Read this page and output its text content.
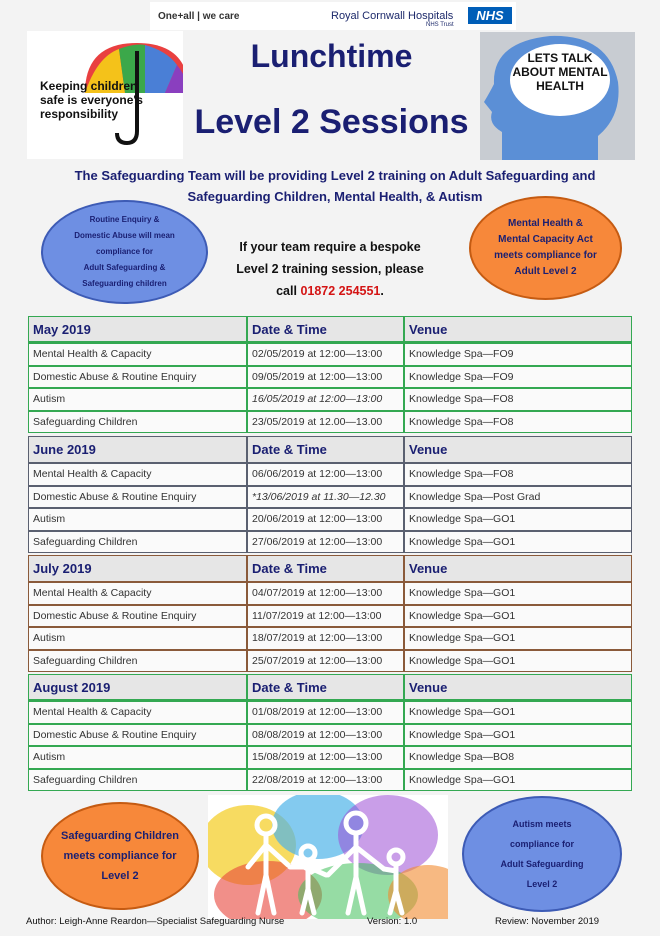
One+all | we care	Royal Cornwall Hospitals
NHS Trust
NHS
Keeping children safe is everyone's responsibility
LETS TALK ABOUT MENTAL HEALTH
Lunchtime
Level 2 Sessions
The Safeguarding Team will be providing Level 2 training on Adult Safeguarding and Safeguarding Children, Mental Health, & Autism
Routine Enquiry &
Domestic Abuse will mean
compliance for
Adult Safeguarding &
Safeguarding children
Mental Health &
Mental Capacity Act
meets compliance for
Adult Level 2
If your team require a bespoke
Level 2 training session, please
call 01872 254551.
May 2019	Date & Time	Venue
Mental Health & Capacity	02/05/2019 at 12:00—13:00	Knowledge Spa—FO9
Domestic Abuse & Routine Enquiry	09/05/2019 at 12:00—13:00	Knowledge Spa—FO9
Autism	16/05/2019 at 12:00—13:00	Knowledge Spa—FO8
Safeguarding Children	23/05/2019 at 12.00—13.00	Knowledge Spa—FO8
June 2019	Date & Time	Venue
Mental Health & Capacity	06/06/2019 at 12:00—13:00	Knowledge Spa—FO8
Domestic Abuse & Routine Enquiry	*13/06/2019 at 11.30—12.30	Knowledge Spa—Post Grad
Autism	20/06/2019 at 12:00—13:00	Knowledge Spa—GO1
Safeguarding Children	27/06/2019 at 12:00—13:00	Knowledge Spa—GO1
July 2019	Date & Time	Venue
Mental Health & Capacity	04/07/2019 at 12:00—13:00	Knowledge Spa—GO1
Domestic Abuse & Routine Enquiry	11/07/2019 at 12:00—13:00	Knowledge Spa—GO1
Autism	18/07/2019 at 12:00—13:00	Knowledge Spa—GO1
Safeguarding Children	25/07/2019 at 12:00—13:00	Knowledge Spa—GO1
August 2019	Date & Time	Venue
Mental Health & Capacity	01/08/2019 at 12:00—13:00	Knowledge Spa—GO1
Domestic Abuse & Routine Enquiry	08/08/2019 at 12:00—13:00	Knowledge Spa—GO1
Autism	15/08/2019 at 12:00—13:00	Knowledge Spa—BO8
Safeguarding Children	22/08/2019 at 12:00—13:00	Knowledge Spa—GO1
Safeguarding Children
meets compliance for
Level 2
Autism meets
compliance for
Adult Safeguarding
Level 2
Author: Leigh-Anne Reardon—Specialist Safeguarding Nurse	Version: 1.0	Review: November 2019
